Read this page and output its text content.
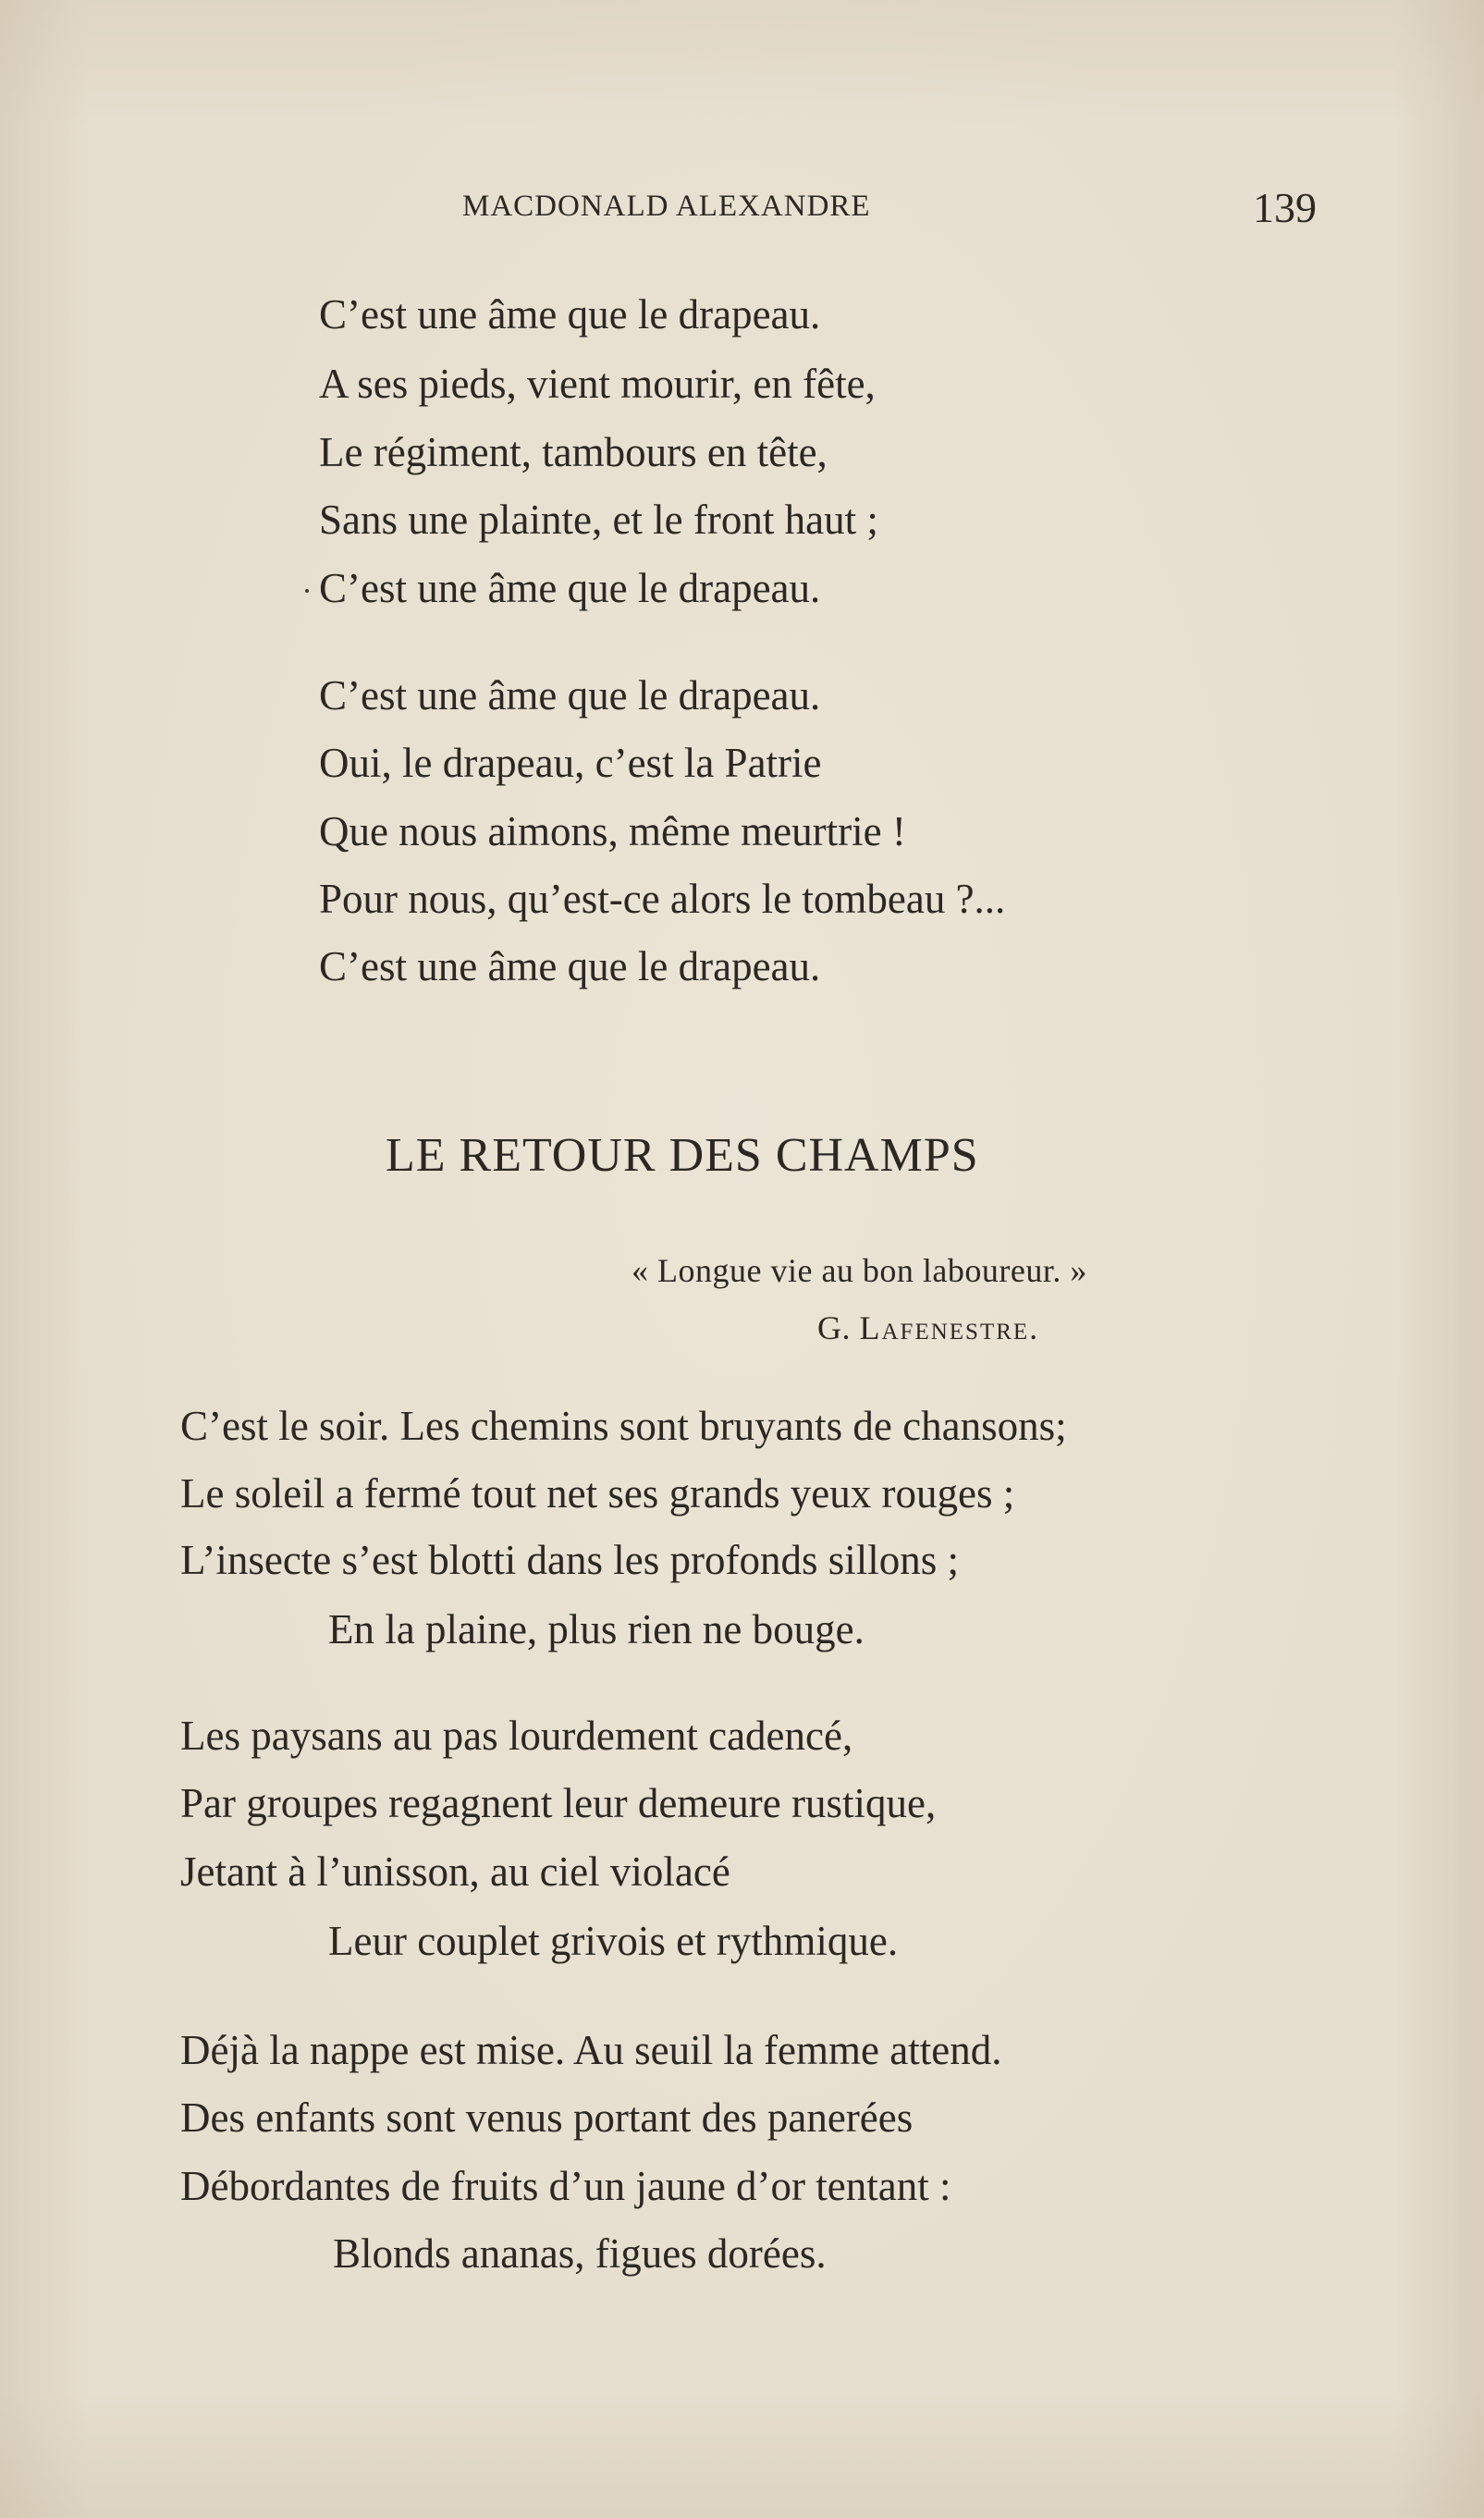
MACDONALD ALEXANDRE	139
C’est une âme que le drapeau.
A ses pieds, vient mourir, en fête,
Le régiment, tambours en tête,
Sans une plainte, et le front haut ;
C’est une âme que le drapeau.
C’est une âme que le drapeau.
Oui, le drapeau, c’est la Patrie
Que nous aimons, même meurtrie !
Pour nous, qu’est-ce alors le tombeau ?...
C’est une âme que le drapeau.
LE RETOUR DES CHAMPS
« Longue vie au bon laboureur. »
G. Lafenestre.
C’est le soir. Les chemins sont bruyants de chansons;
Le soleil a fermé tout net ses grands yeux rouges ;
L’insecte s’est blotti dans les profonds sillons ;
En la plaine, plus rien ne bouge.
Les paysans au pas lourdement cadencé,
Par groupes regagnent leur demeure rustique,
Jetant à l’unisson, au ciel violacé
Leur couplet grivois et rythmique.
Déjà la nappe est mise. Au seuil la femme attend.
Des enfants sont venus portant des panerées
Débordantes de fruits d’un jaune d’or tentant :
Blonds ananas, figues dorées.
